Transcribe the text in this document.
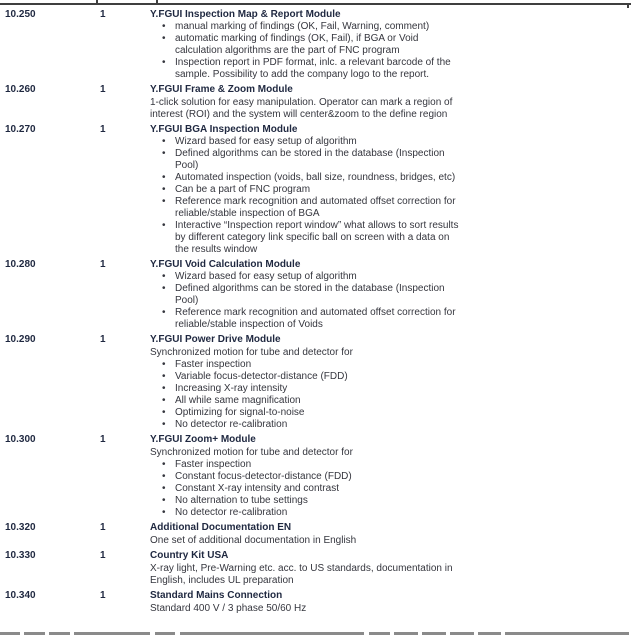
10.250	1	Y.FGUI Inspection Map & Report Module
• manual marking of findings (OK, Fail, Warning, comment)
• automatic marking of findings (OK, Fail), if BGA or Void calculation algorithms are the part of FNC program
• Inspection report in PDF format, inlc. a relevant barcode of the sample. Possibility to add the company logo to the report.
10.260	1	Y.FGUI Frame & Zoom Module
1-click solution for easy manipulation. Operator can mark a region of interest (ROI) and the system will center&zoom to the define region
10.270	1	Y.FGUI BGA Inspection Module
• Wizard based for easy setup of algorithm
• Defined algorithms can be stored in the database (Inspection Pool)
• Automated inspection (voids, ball size, roundness, bridges, etc)
• Can be a part of FNC program
• Reference mark recognition and automated offset correction for reliable/stable inspection of BGA
• Interactive “Inspection report window” what allows to sort results by different category link specific ball on screen with a data on the results window
10.280	1	Y.FGUI Void Calculation Module
• Wizard based for easy setup of algorithm
• Defined algorithms can be stored in the database (Inspection Pool)
• Reference mark recognition and automated offset correction for reliable/stable inspection of Voids
10.290	1	Y.FGUI Power Drive Module
Synchronized motion for tube and detector for
• Faster inspection
• Variable focus-detector-distance (FDD)
• Increasing X-ray intensity
• All while same magnification
• Optimizing for signal-to-noise
• No detector re-calibration
10.300	1	Y.FGUI Zoom+ Module
Synchronized motion for tube and detector for
• Faster inspection
• Constant focus-detector-distance (FDD)
• Constant X-ray intensity and contrast
• No alternation to tube settings
• No detector re-calibration
10.320	1	Additional Documentation EN
One set of additional documentation in English
10.330	1	Country Kit USA
X-ray light, Pre-Warning etc. acc. to US standards, documentation in English, includes UL preparation
10.340	1	Standard Mains Connection
Standard 400 V / 3 phase 50/60 Hz
